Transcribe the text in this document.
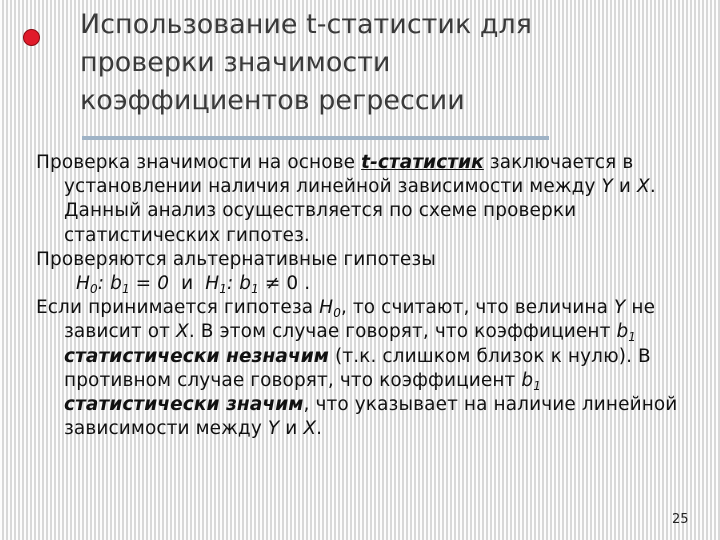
Использование t-статистик для
проверки значимости
коэффициентов регрессии

Проверка значимости на основе t-статистик заключается в установлении наличия линейной зависимости между Y и X. Данный анализ осуществляется по схеме проверки статистических гипотез.

Проверяются альтернативные гипотезы

$H_0$: $b_1 = 0$ и $H_1$: $b_1 \ne 0$ .

Если принимается гипотеза $H_0$, то считают, что величина Y не зависит от X. В этом случае говорят, что коэффициент $b_1$ статистически незначим (т.к. слишком близок к нулю). В противном случае говорят, что коэффициент $b_1$ статистически значим, что указывает на наличие линейной зависимости между Y и X.

25
